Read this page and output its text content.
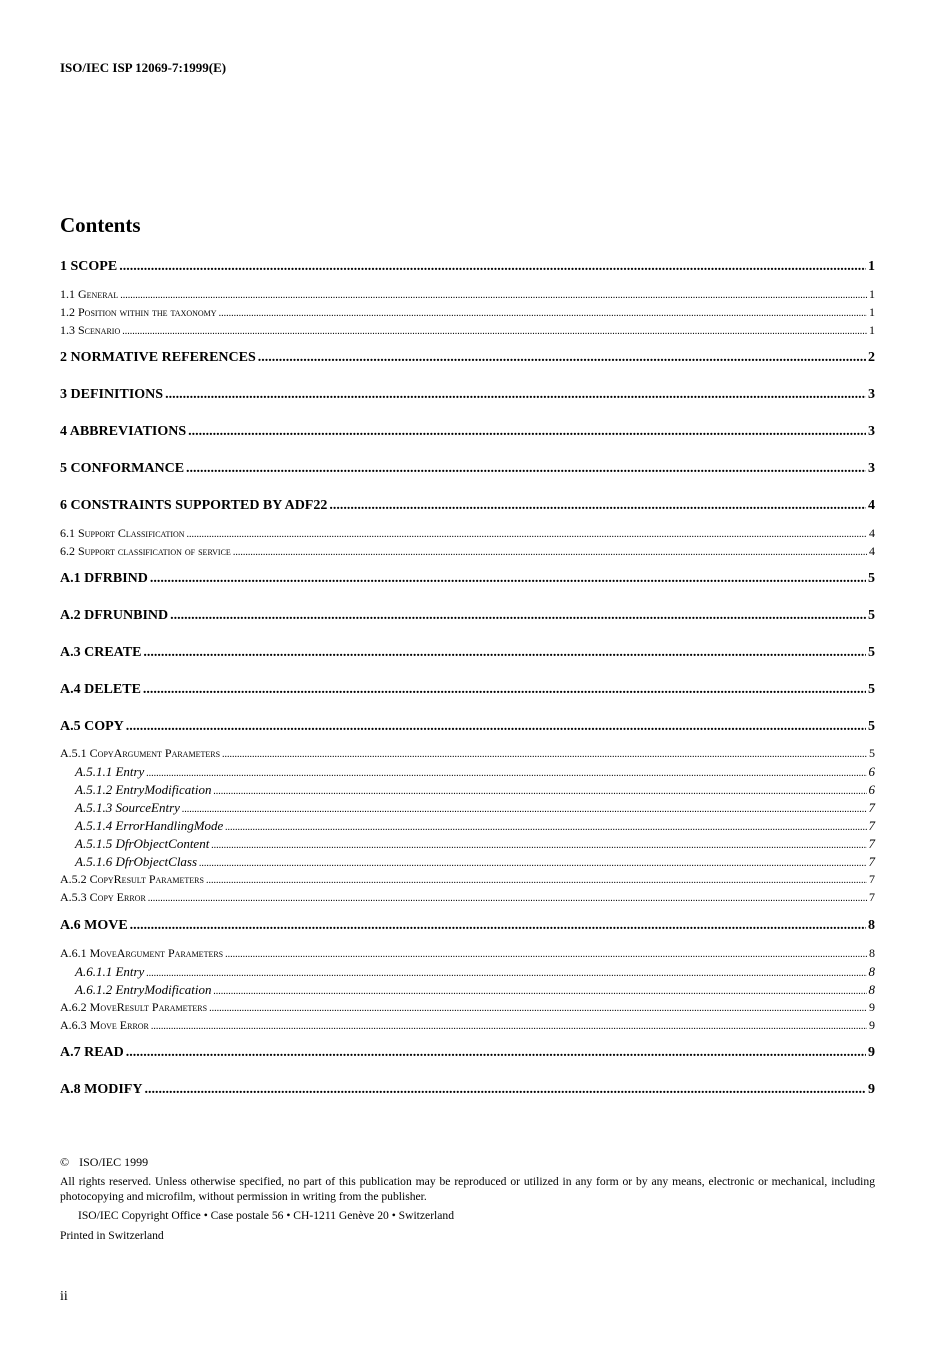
ISO/IEC ISP 12069-7:1999(E)
Contents
1 SCOPE .....	1
1.1 General .....	1
1.2 Position within the taxonomy .....	1
1.3 Scenario .....	1
2 NORMATIVE REFERENCES .....	2
3 DEFINITIONS .....	3
4 ABBREVIATIONS .....	3
5 CONFORMANCE .....	3
6 CONSTRAINTS SUPPORTED BY ADF22 .....	4
6.1 Support Classification .....	4
6.2 Support classification of service .....	4
A.1 DFRBIND .....	5
A.2 DFRUNBIND .....	5
A.3 CREATE .....	5
A.4 DELETE .....	5
A.5 COPY .....	5
A.5.1 CopyArgument Parameters .....	5
A.5.1.1 Entry .....	6
A.5.1.2 EntryModification .....	6
A.5.1.3 SourceEntry .....	7
A.5.1.4 ErrorHandlingMode .....	7
A.5.1.5 DfrObjectContent .....	7
A.5.1.6 DfrObjectClass .....	7
A.5.2 CopyResult Parameters .....	7
A.5.3 Copy Error .....	7
A.6 MOVE .....	8
A.6.1 MoveArgument Parameters .....	8
A.6.1.1 Entry .....	8
A.6.1.2 EntryModification .....	8
A.6.2 MoveResult Parameters .....	9
A.6.3 Move Error .....	9
A.7 READ .....	9
A.8 MODIFY .....	9
© ISO/IEC 1999
All rights reserved. Unless otherwise specified, no part of this publication may be reproduced or utilized in any form or by any means, electronic or mechanical, including photocopying and microfilm, without permission in writing from the publisher.
ISO/IEC Copyright Office • Case postale 56 • CH-1211 Genève 20 • Switzerland
Printed in Switzerland
ii
